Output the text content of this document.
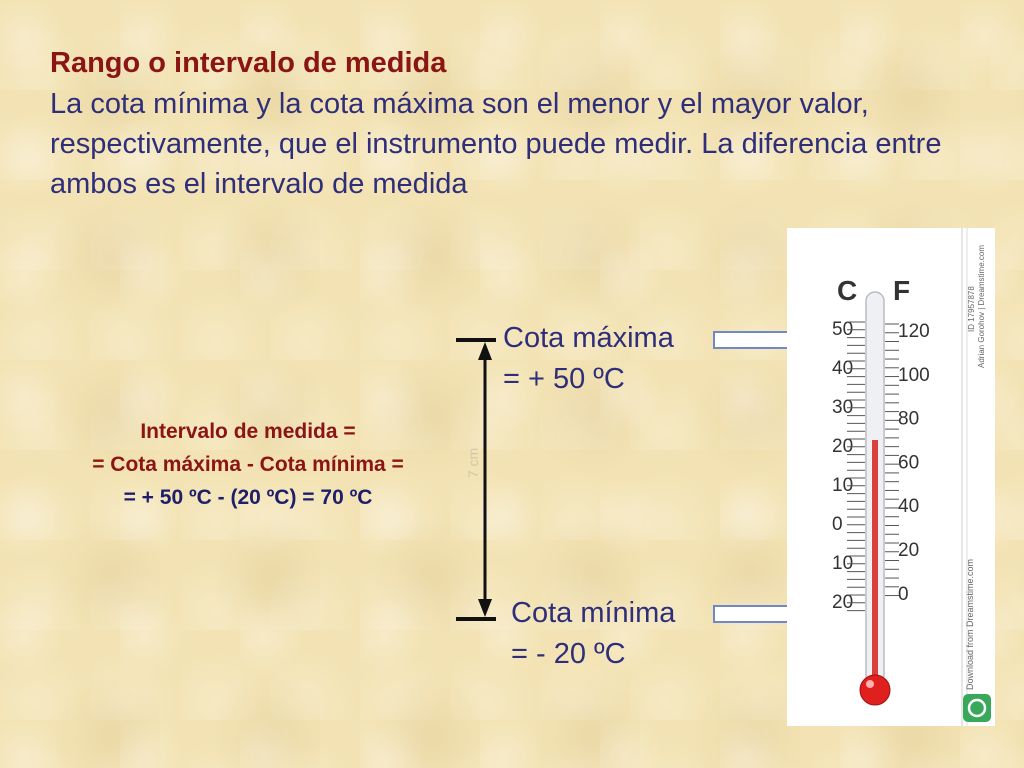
Rango o intervalo de medida

La cota mínima y la cota máxima son el menor y el mayor valor, respectivamente, que el instrumento puede medir. La diferencia entre ambos es el intervalo de medida

Intervalo de medida =
= Cota máxima - Cota mínima =
= + 50 ºC - (20 ºC) = 70 ºC
7 cm
Cota máxima
= + 50 ºC
Cota mínima
= - 20 ºC
C F
50
40
30
20
10
0
10
20
120
100
80
60
40
20
0
Adrian Gorohov | Dreamstime.com
ID 17957878
Download from Dreamstime.com
